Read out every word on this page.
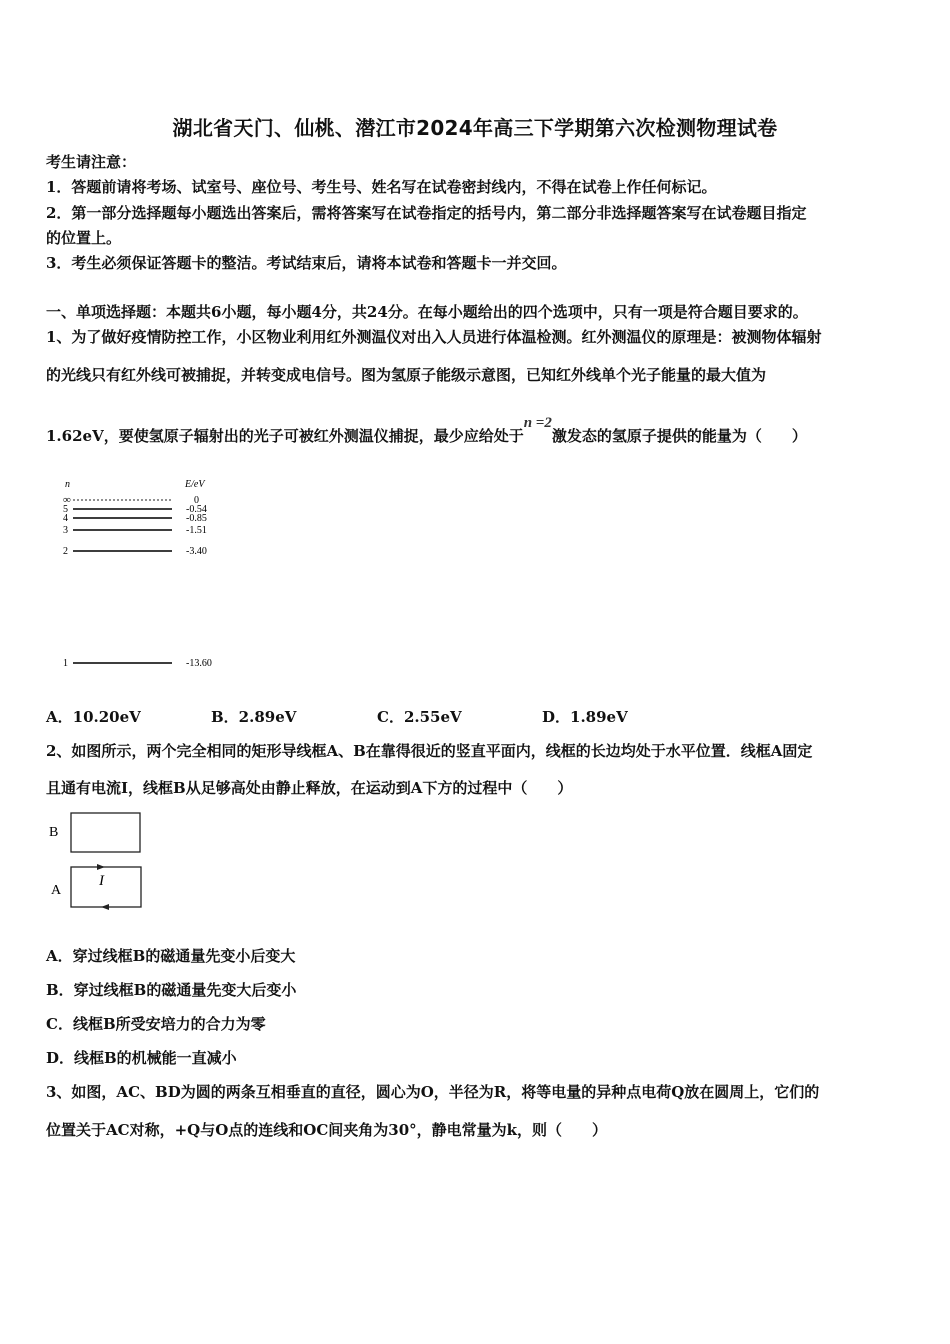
湖北省天门、仙桃、潜江市2024年高三下学期第六次检测物理试卷
考生请注意：
1．答题前请将考场、试室号、座位号、考生号、姓名写在试卷密封线内，不得在试卷上作任何标记。
2．第一部分选择题每小题选出答案后，需将答案写在试卷指定的括号内，第二部分非选择题答案写在试卷题目指定
的位置上。
3．考生必须保证答题卡的整洁。考试结束后，请将本试卷和答题卡一并交回。
一、单项选择题：本题共6小题，每小题4分，共24分。在每小题给出的四个选项中，只有一项是符合题目要求的。
1、为了做好疫情防控工作，小区物业利用红外测温仪对出入人员进行体温检测。红外测温仪的原理是：被测物体辐射
的光线只有红外线可被捕捉，并转变成电信号。图为氢原子能级示意图，已知红外线单个光子能量的最大值为
1.62eV，要使氢原子辐射出的光子可被红外测温仪捕捉，最少应给处于n =2激发态的氢原子提供的能量为（　　）
n	E/eV
∞	0
5	-0.54
4	-0.85
3	-1.51
2	-3.40
1	-13.60
A．10.20eV	B．2.89eV	C．2.55eV	D．1.89eV
2、如图所示，两个完全相同的矩形导线框A、B在靠得很近的竖直平面内，线框的长边均处于水平位置．线框A固定
且通有电流I，线框B从足够高处由静止释放，在运动到A下方的过程中（　　）
B
A
I
A．穿过线框B的磁通量先变小后变大
B．穿过线框B的磁通量先变大后变小
C．线框B所受安培力的合力为零
D．线框B的机械能一直减小
3、如图，AC、BD为圆的两条互相垂直的直径，圆心为O，半径为R，将等电量的异种点电荷Q放在圆周上，它们的
位置关于AC对称，+Q与O点的连线和OC间夹角为30°，静电常量为k，则（　　）
